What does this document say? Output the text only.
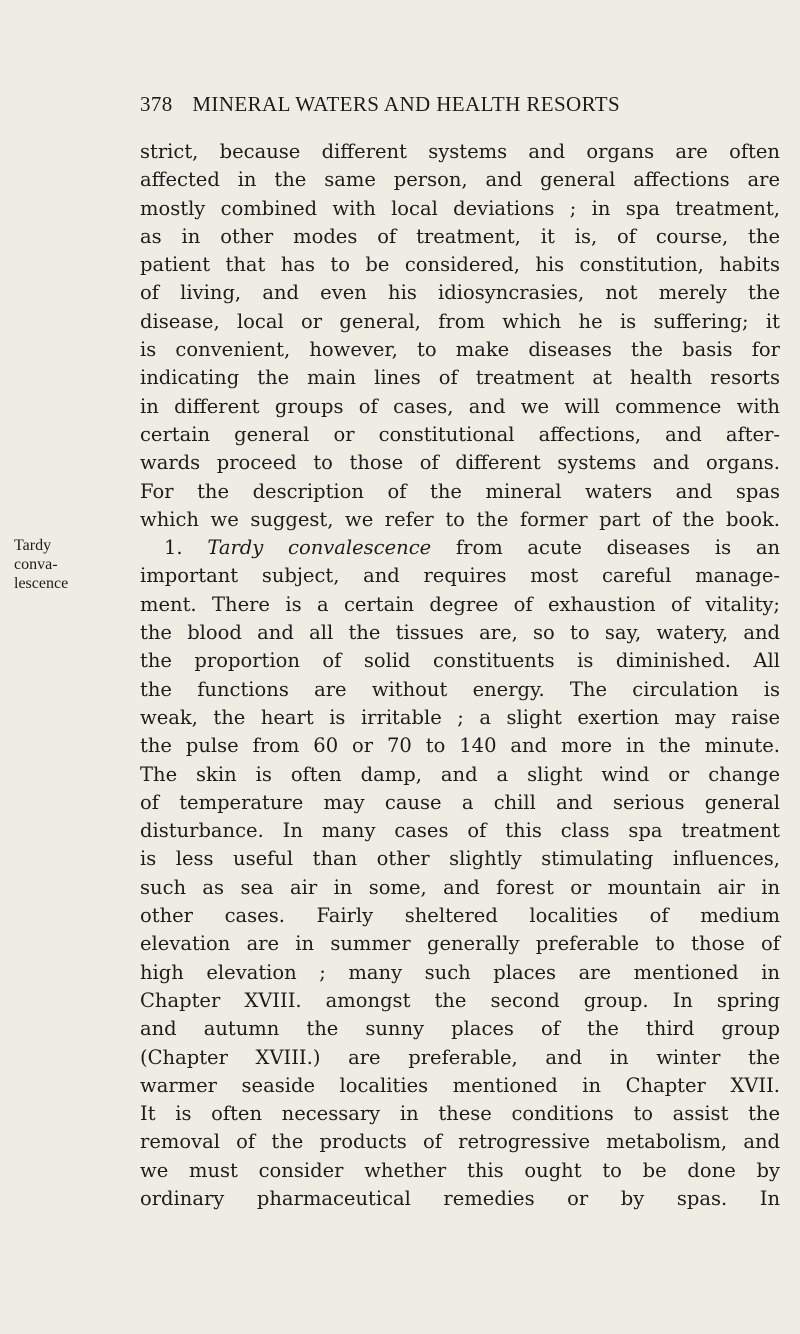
378 MINERAL WATERS AND HEALTH RESORTS
Tardy
conva-
lescence
strict, because different systems and organs are often
affected in the same person, and general affections are
mostly combined with local deviations ; in spa treatment,
as in other modes of treatment, it is, of course, the
patient that has to be considered, his constitution, habits
of living, and even his idiosyncrasies, not merely the
disease, local or general, from which he is suffering; it
is convenient, however, to make diseases the basis for
indicating the main lines of treatment at health resorts
in different groups of cases, and we will commence with
certain general or constitutional affections, and after-
wards proceed to those of different systems and organs.
For the description of the mineral waters and spas
which we suggest, we refer to the former part of the book.
1. Tardy convalescence from acute diseases is an
important subject, and requires most careful manage-
ment. There is a certain degree of exhaustion of vitality;
the blood and all the tissues are, so to say, watery, and
the proportion of solid constituents is diminished. All
the functions are without energy. The circulation is
weak, the heart is irritable ; a slight exertion may raise
the pulse from 60 or 70 to 140 and more in the minute.
The skin is often damp, and a slight wind or change
of temperature may cause a chill and serious general
disturbance. In many cases of this class spa treatment
is less useful than other slightly stimulating influences,
such as sea air in some, and forest or mountain air in
other cases. Fairly sheltered localities of medium
elevation are in summer generally preferable to those of
high elevation ; many such places are mentioned in
Chapter XVIII. amongst the second group. In spring
and autumn the sunny places of the third group
(Chapter XVIII.) are preferable, and in winter the
warmer seaside localities mentioned in Chapter XVII.
It is often necessary in these conditions to assist the
removal of the products of retrogressive metabolism, and
we must consider whether this ought to be done by
ordinary pharmaceutical remedies or by spas. In
